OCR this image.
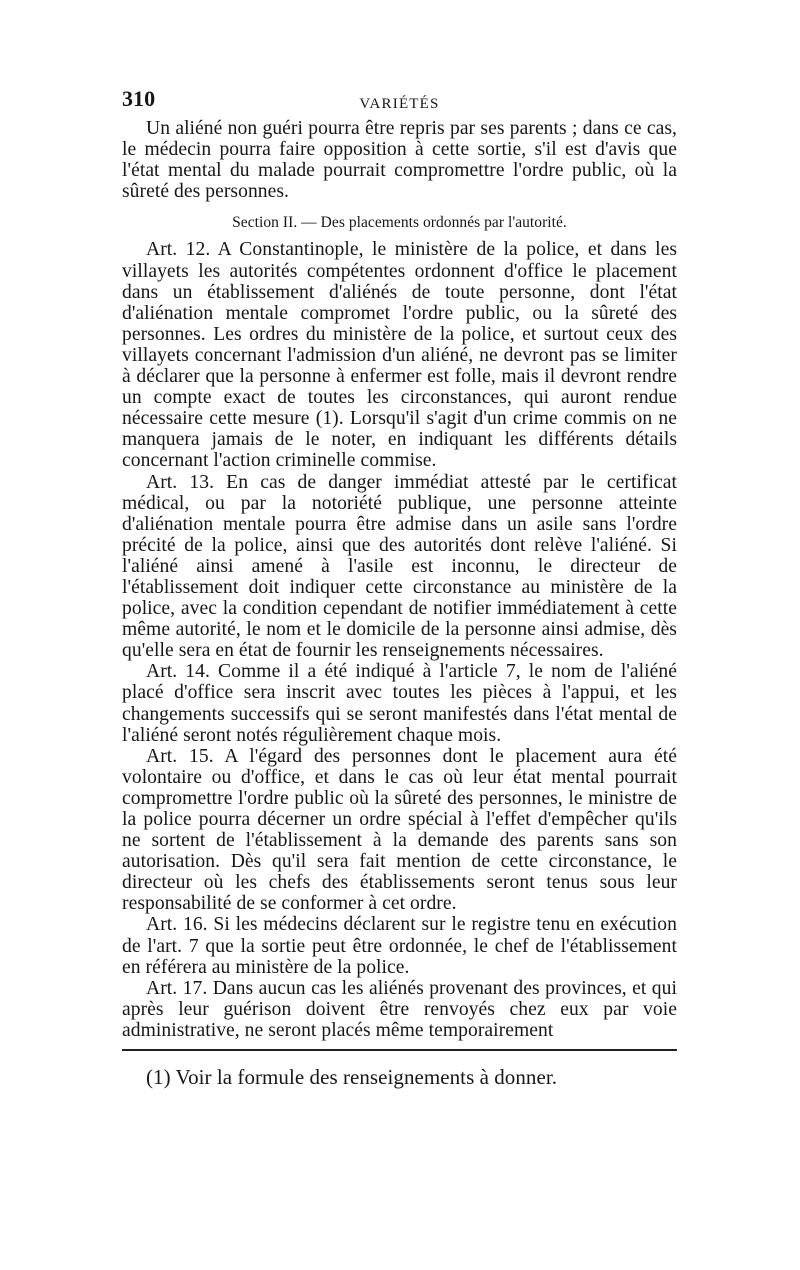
310	VARIÉTÉS

Un aliéné non guéri pourra être repris par ses parents ; dans ce cas, le médecin pourra faire opposition à cette sortie, s'il est d'avis que l'état mental du malade pourrait compromettre l'ordre public, où la sûreté des personnes.

Section II. — Des placements ordonnés par l'autorité.

Art. 12. A Constantinople, le ministère de la police, et dans les villayets les autorités compétentes ordonnent d'office le placement dans un établissement d'aliénés de toute personne, dont l'état d'aliénation mentale compromet l'ordre public, ou la sûreté des personnes. Les ordres du ministère de la police, et surtout ceux des villayets concernant l'admission d'un aliéné, ne devront pas se limiter à déclarer que la personne à enfermer est folle, mais il devront rendre un compte exact de toutes les circonstances, qui auront rendue nécessaire cette mesure (1). Lorsqu'il s'agit d'un crime commis on ne manquera jamais de le noter, en indiquant les différents détails concernant l'action criminelle commise.

Art. 13. En cas de danger immédiat attesté par le certificat médical, ou par la notoriété publique, une personne atteinte d'aliénation mentale pourra être admise dans un asile sans l'ordre précité de la police, ainsi que des autorités dont relève l'aliéné. Si l'aliéné ainsi amené à l'asile est inconnu, le directeur de l'établissement doit indiquer cette circonstance au ministère de la police, avec la condition cependant de notifier immédiatement à cette même autorité, le nom et le domicile de la personne ainsi admise, dès qu'elle sera en état de fournir les renseignements nécessaires.

Art. 14. Comme il a été indiqué à l'article 7, le nom de l'aliéné placé d'office sera inscrit avec toutes les pièces à l'appui, et les changements successifs qui se seront manifestés dans l'état mental de l'aliéné seront notés régulièrement chaque mois.

Art. 15. A l'égard des personnes dont le placement aura été volontaire ou d'office, et dans le cas où leur état mental pourrait compromettre l'ordre public où la sûreté des personnes, le ministre de la police pourra décerner un ordre spécial à l'effet d'empêcher qu'ils ne sortent de l'établissement à la demande des parents sans son autorisation. Dès qu'il sera fait mention de cette circonstance, le directeur où les chefs des établissements seront tenus sous leur responsabilité de se conformer à cet ordre.

Art. 16. Si les médecins déclarent sur le registre tenu en exécution de l'art. 7 que la sortie peut être ordonnée, le chef de l'établissement en référera au ministère de la police.

Art. 17. Dans aucun cas les aliénés provenant des provinces, et qui après leur guérison doivent être renvoyés chez eux par voie administrative, ne seront placés même temporairement

(1) Voir la formule des renseignements à donner.
